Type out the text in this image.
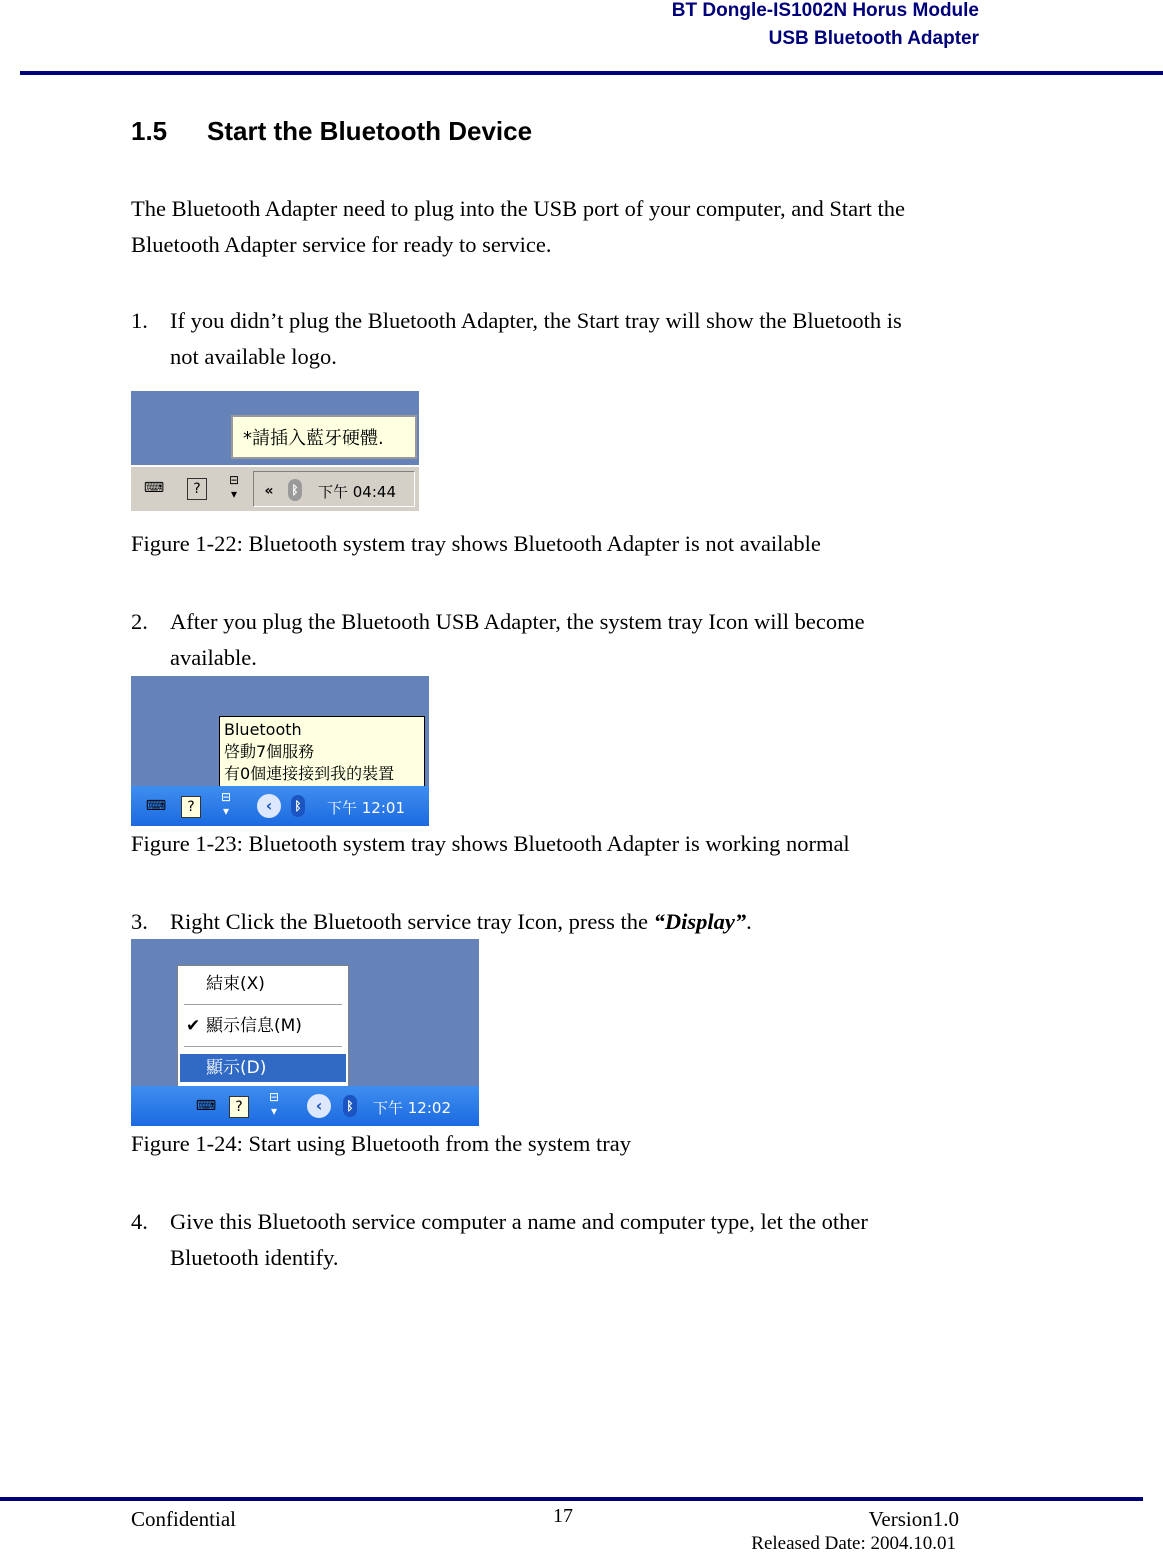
BT Dongle-IS1002N Horus Module
USB Bluetooth Adapter
1.5 Start the Bluetooth Device
The Bluetooth Adapter need to plug into the USB port of your computer, and Start the
Bluetooth Adapter service for ready to service.
1. If you didn’t plug the Bluetooth Adapter, the Start tray will show the Bluetooth is
not available logo.
*請插入藍牙硬體.
⌨	?
⊟
▾	«	ᛒ 下午 04:44
Figure 1-22: Bluetooth system tray shows Bluetooth Adapter is not available
2. After you plug the Bluetooth USB Adapter, the system tray Icon will become
available.
Bluetooth
啓動7個服務
有0個連接接到我的裝置
⌨	?
⊟
▾	‹	ᛒ 下午 12:01
Figure 1-23: Bluetooth system tray shows Bluetooth Adapter is working normal
3. Right Click the Bluetooth service tray Icon, press the “Display”.
結束(X)
✔ 顯示信息(M)
顯示(D)
⌨	?
⊟
▾	‹	ᛒ 下午 12:02
Figure 1-24: Start using Bluetooth from the system tray
4. Give this Bluetooth service computer a name and computer type, let the other
Bluetooth identify.
Confidential	17	Version1.0
Released Date: 2004.10.01
